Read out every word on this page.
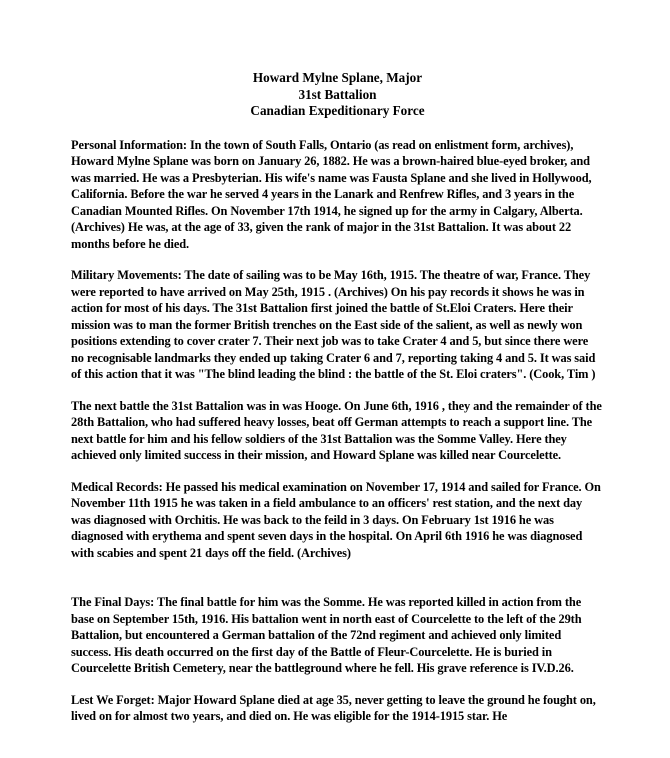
Howard Mylne Splane, Major
31st Battalion
Canadian Expeditionary Force

Personal Information: In the town of South Falls, Ontario (as read on enlistment form, archives), Howard Mylne Splane was born on January 26, 1882. He was a brown-haired blue-eyed broker, and was married. He was a Presbyterian. His wife's name was Fausta Splane and she lived in Hollywood, California. Before the war he served 4 years in the Lanark and Renfrew Rifles, and 3 years in the Canadian Mounted Rifles. On November 17th 1914, he signed up for the army in Calgary, Alberta. (Archives) He was, at the age of 33, given the rank of major in the 31st Battalion. It was about 22 months before he died.

Military Movements: The date of sailing was to be May 16th, 1915. The theatre of war, France. They were reported to have arrived on May 25th, 1915 . (Archives) On his pay records it shows he was in action for most of his days. The 31st Battalion first joined the battle of St.Eloi Craters. Here their mission was to man the former British trenches on the East side of the salient, as well as newly won positions extending to cover crater 7. Their next job was to take Crater 4 and 5, but since there were no recognisable landmarks they ended up taking Crater 6 and 7, reporting taking 4 and 5. It was said of this action that it was "The blind leading the blind : the battle of the St. Eloi craters". (Cook, Tim )

The next battle the 31st Battalion was in was Hooge. On June 6th, 1916 , they and the remainder of the 28th Battalion, who had suffered heavy losses, beat off German attempts to reach a support line. The next battle for him and his fellow soldiers of the 31st Battalion was the Somme Valley. Here they achieved only limited success in their mission, and Howard Splane was killed near Courcelette.

Medical Records: He passed his medical examination on November 17, 1914 and sailed for France. On November 11th 1915 he was taken in a field ambulance to an officers' rest station, and the next day was diagnosed with Orchitis. He was back to the feild in 3 days. On February 1st 1916 he was diagnosed with erythema and spent seven days in the hospital. On April 6th 1916 he was diagnosed with scabies and spent 21 days off the field. (Archives)

The Final Days: The final battle for him was the Somme. He was reported killed in action from the base on September 15th, 1916. His battalion went in north east of Courcelette to the left of the 29th Battalion, but encountered a German battalion of the 72nd regiment and achieved only limited success. His death occurred on the first day of the Battle of Fleur-Courcelette. He is buried in Courcelette British Cemetery, near the battleground where he fell. His grave reference is IV.D.26.

Lest We Forget: Major Howard Splane died at age 35, never getting to leave the ground he fought on, lived on for almost two years, and died on. He was eligible for the 1914-1915 star. He
